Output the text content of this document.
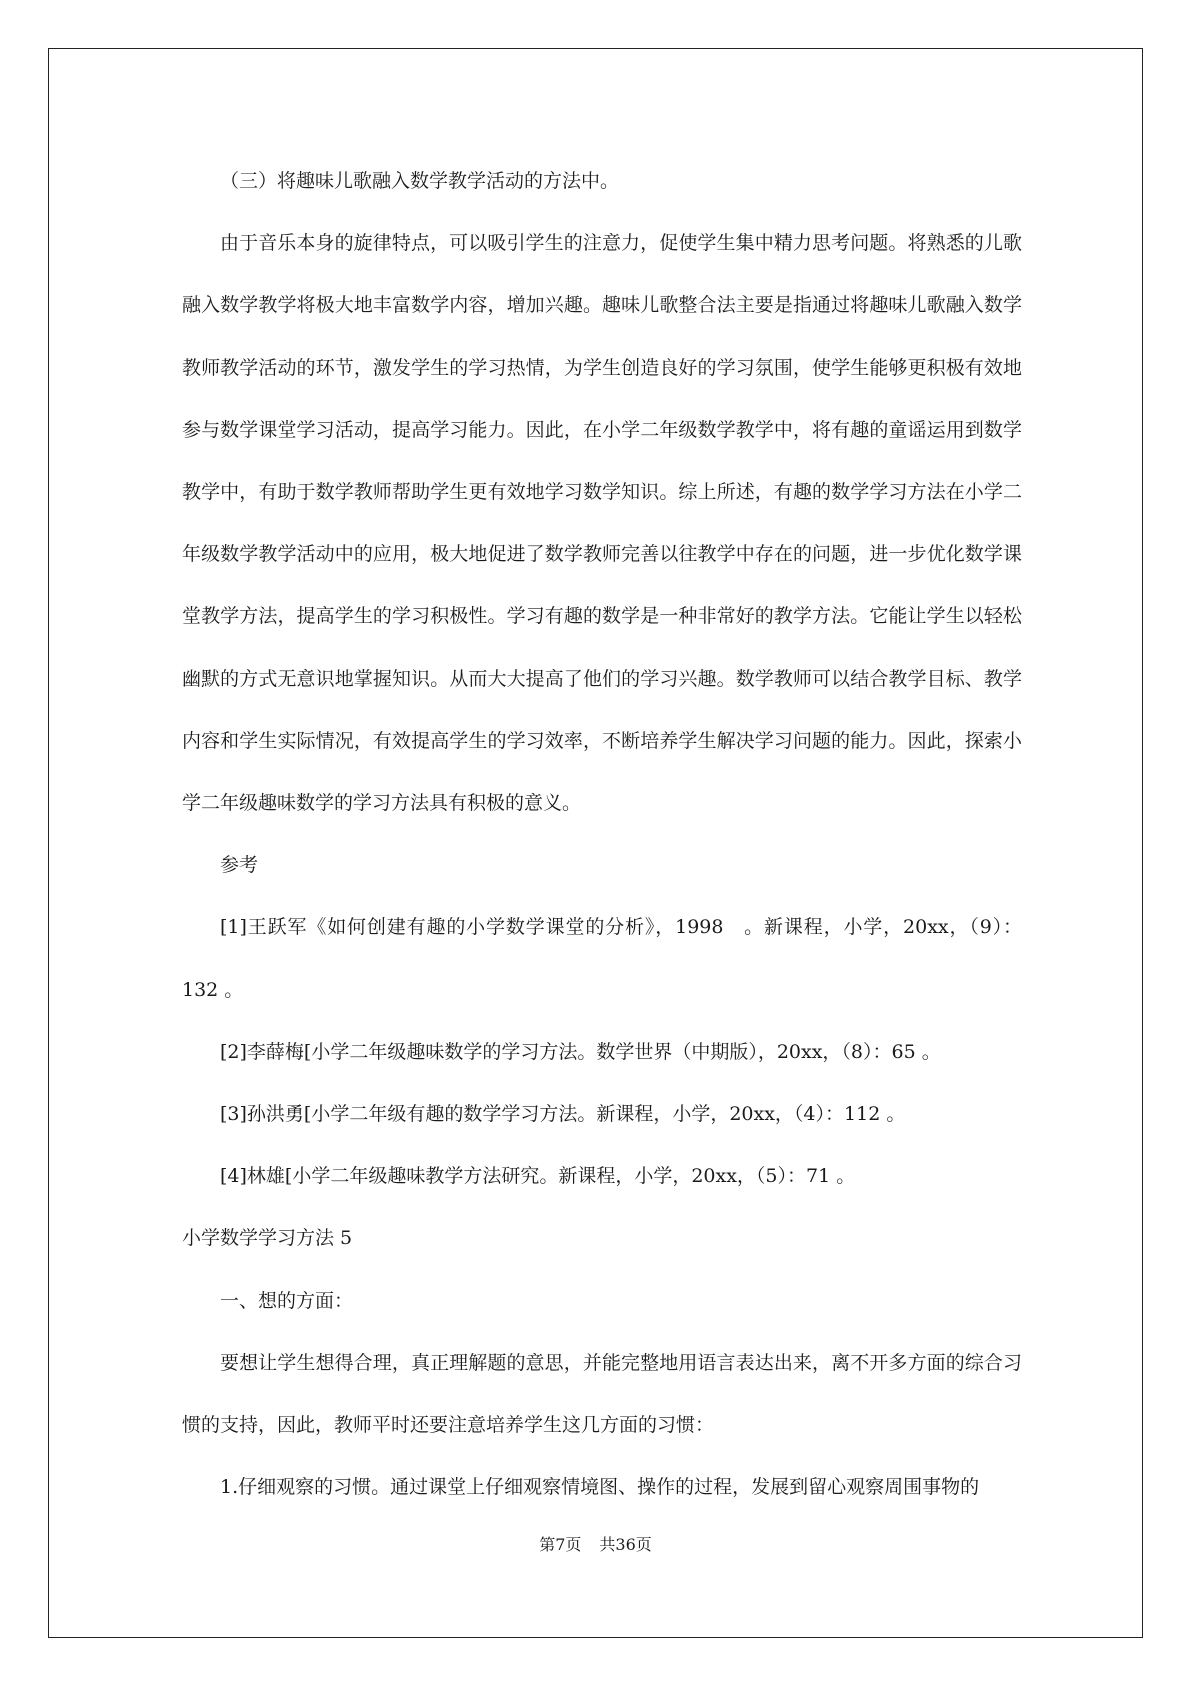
（三）将趣味儿歌融入数学教学活动的方法中。

由于音乐本身的旋律特点，可以吸引学生的注意力，促使学生集中精力思考问题。将熟悉的儿歌融入数学教学将极大地丰富数学内容，增加兴趣。趣味儿歌整合法主要是指通过将趣味儿歌融入数学教师教学活动的环节，激发学生的学习热情，为学生创造良好的学习氛围，使学生能够更积极有效地参与数学课堂学习活动，提高学习能力。因此，在小学二年级数学教学中，将有趣的童谣运用到数学教学中，有助于数学教师帮助学生更有效地学习数学知识。综上所述，有趣的数学学习方法在小学二年级数学教学活动中的应用，极大地促进了数学教师完善以往教学中存在的问题，进一步优化数学课堂教学方法，提高学生的学习积极性。学习有趣的数学是一种非常好的教学方法。它能让学生以轻松幽默的方式无意识地掌握知识。从而大大提高了他们的学习兴趣。数学教师可以结合教学目标、教学内容和学生实际情况，有效提高学生的学习效率，不断培养学生解决学习问题的能力。因此，探索小学二年级趣味数学的学习方法具有积极的意义。

参考

[1]王跃军《如何创建有趣的小学数学课堂的分析》，1998　。新课程，小学，20xx，（9）：132 。

[2]李薛梅[小学二年级趣味数学的学习方法。数学世界（中期版），20xx，（8）：65 。

[3]孙洪勇[小学二年级有趣的数学学习方法。新课程，小学，20xx，（4）：112 。

[4]林雄[小学二年级趣味教学方法研究。新课程，小学，20xx，（5）：71 。

小学数学学习方法 5

一、想的方面：

要想让学生想得合理，真正理解题的意思，并能完整地用语言表达出来，离不开多方面的综合习惯的支持，因此，教师平时还要注意培养学生这几方面的习惯：

1.仔细观察的习惯。通过课堂上仔细观察情境图、操作的过程，发展到留心观察周围事物的

第7页 共36页
